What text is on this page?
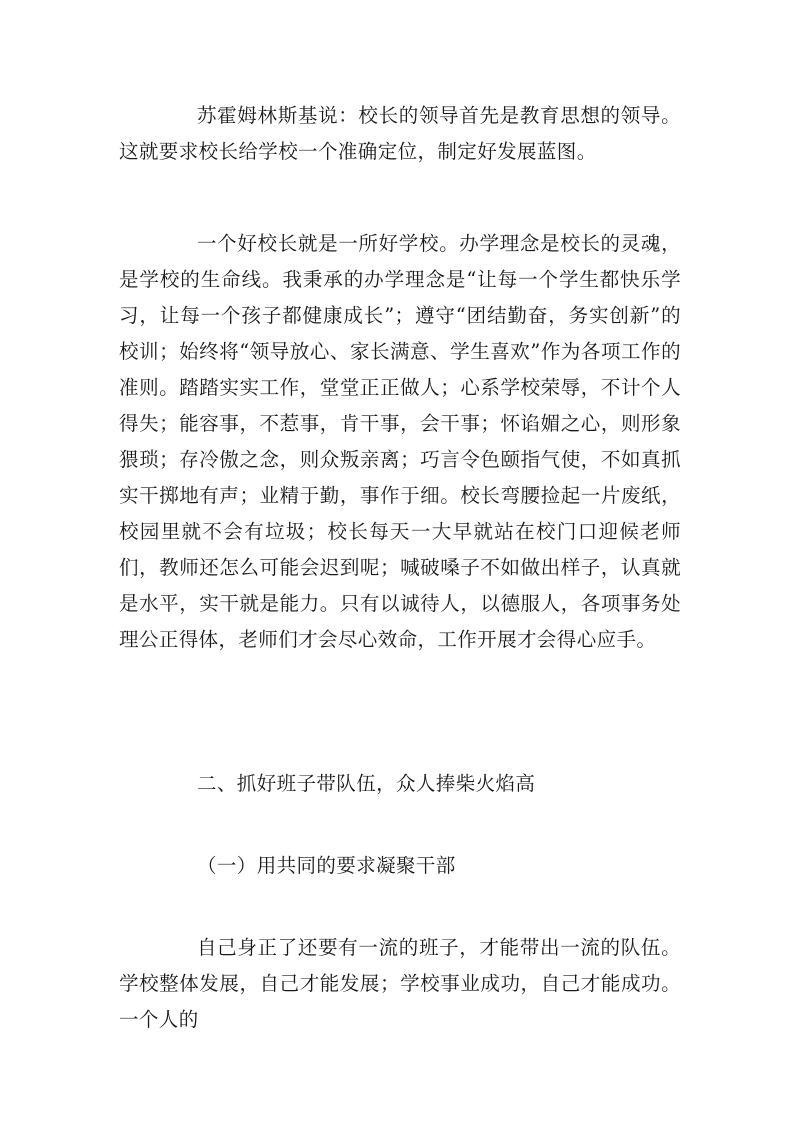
苏霍姆林斯基说：校长的领导首先是教育思想的领导。这就要求校长给学校一个准确定位，制定好发展蓝图。

一个好校长就是一所好学校。办学理念是校长的灵魂，是学校的生命线。我秉承的办学理念是“让每一个学生都快乐学习，让每一个孩子都健康成长”；遵守“团结勤奋，务实创新”的校训；始终将“领导放心、家长满意、学生喜欢”作为各项工作的准则。踏踏实实工作，堂堂正正做人；心系学校荣辱，不计个人得失；能容事，不惹事，肯干事，会干事；怀谄媚之心，则形象猥琐；存冷傲之念，则众叛亲离；巧言令色颐指气使，不如真抓实干掷地有声；业精于勤，事作于细。校长弯腰捡起一片废纸，校园里就不会有垃圾；校长每天一大早就站在校门口迎候老师们，教师还怎么可能会迟到呢；喊破嗓子不如做出样子，认真就是水平，实干就是能力。只有以诚待人，以德服人，各项事务处理公正得体，老师们才会尽心效命，工作开展才会得心应手。

二、抓好班子带队伍，众人捧柴火焰高

（一）用共同的要求凝聚干部

自己身正了还要有一流的班子，才能带出一流的队伍。学校整体发展，自己才能发展；学校事业成功，自己才能成功。一个人的
